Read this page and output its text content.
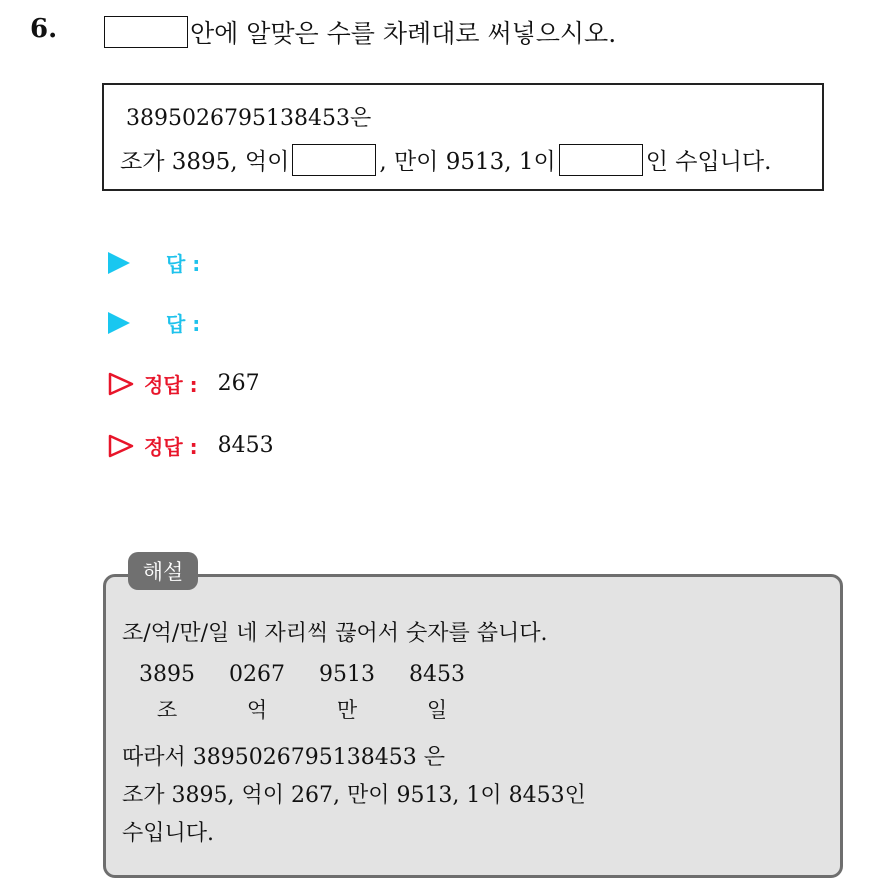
6.	안에 알맞은 수를 차례대로 써넣으시오.
3895026795138453은
조가 3895, 억이	, 만이 9513, 1이	인 수입니다.
답 :
답 :
정답 : 267
정답 : 8453
해설
조/억/만/일 네 자리씩 끊어서 숫자를 씁니다.
3895	0267	9513	8453
조	억	만	일
따라서 3895026795138453 은
조가 3895, 억이 267, 만이 9513, 1이 8453인
수입니다.
